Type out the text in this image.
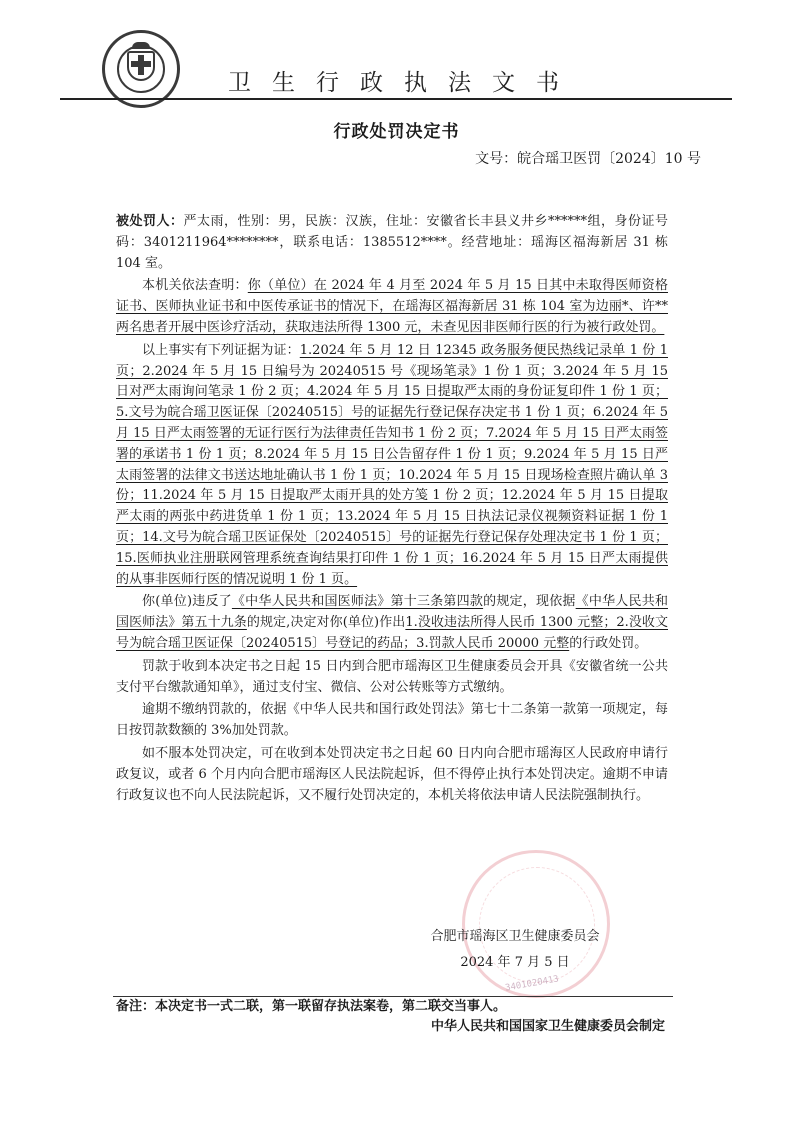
卫生行政执法文书
行政处罚决定书
文号：皖合瑶卫医罚〔2024〕10 号

被处罚人：严太雨，性别：男，民族：汉族，住址：安徽省长丰县义井乡******组，身份证号码：3401211964********，联系电话：1385512****。经营地址：瑶海区福海新居 31 栋 104 室。

本机关依法查明：你（单位）在 2024 年 4 月至 2024 年 5 月 15 日其中未取得医师资格证书、医师执业证书和中医传承证书的情况下，在瑶海区福海新居 31 栋 104 室为边丽*、许**两名患者开展中医诊疗活动，获取违法所得 1300 元，未查见因非医师行医的行为被行政处罚。

以上事实有下列证据为证：1.2024 年 5 月 12 日 12345 政务服务便民热线记录单 1 份 1 页；2.2024 年 5 月 15 日编号为 20240515 号《现场笔录》1 份 1 页；3.2024 年 5 月 15 日对严太雨询问笔录 1 份 2 页；4.2024 年 5 月 15 日提取严太雨的身份证复印件 1 份 1 页；5.文号为皖合瑶卫医证保〔20240515〕号的证据先行登记保存决定书 1 份 1 页；6.2024 年 5 月 15 日严太雨签署的无证行医行为法律责任告知书 1 份 2 页；7.2024 年 5 月 15 日严太雨签署的承诺书 1 份 1 页；8.2024 年 5 月 15 日公告留存件 1 份 1 页；9.2024 年 5 月 15 日严太雨签署的法律文书送达地址确认书 1 份 1 页；10.2024 年 5 月 15 日现场检查照片确认单 3 份；11.2024 年 5 月 15 日提取严太雨开具的处方笺 1 份 2 页；12.2024 年 5 月 15 日提取严太雨的两张中药进货单 1 份 1 页；13.2024 年 5 月 15 日执法记录仪视频资料证据 1 份 1 页；14.文号为皖合瑶卫医证保处〔20240515〕号的证据先行登记保存处理决定书 1 份 1 页；15.医师执业注册联网管理系统查询结果打印件 1 份 1 页；16.2024 年 5 月 15 日严太雨提供的从事非医师行医的情况说明 1 份 1 页。

你(单位)违反了《中华人民共和国医师法》第十三条第四款的规定，现依据《中华人民共和国医师法》第五十九条的规定,决定对你(单位)作出1.没收违法所得人民币 1300 元整；2.没收文号为皖合瑶卫医证保〔20240515〕号登记的药品；3.罚款人民币 20000 元整的行政处罚。

罚款于收到本决定书之日起 15 日内到合肥市瑶海区卫生健康委员会开具《安徽省统一公共支付平台缴款通知单》，通过支付宝、微信、公对公转账等方式缴纳。

逾期不缴纳罚款的，依据《中华人民共和国行政处罚法》第七十二条第一款第一项规定，每日按罚款数额的 3%加处罚款。

如不服本处罚决定，可在收到本处罚决定书之日起 60 日内向合肥市瑶海区人民政府申请行政复议，或者 6 个月内向合肥市瑶海区人民法院起诉，但不得停止执行本处罚决定。逾期不申请行政复议也不向人民法院起诉，又不履行处罚决定的，本机关将依法申请人民法院强制执行。

3401020413
合肥市瑶海区卫生健康委员会
2024 年 7 月 5 日
备注：本决定书一式二联，第一联留存执法案卷，第二联交当事人。
中华人民共和国国家卫生健康委员会制定
